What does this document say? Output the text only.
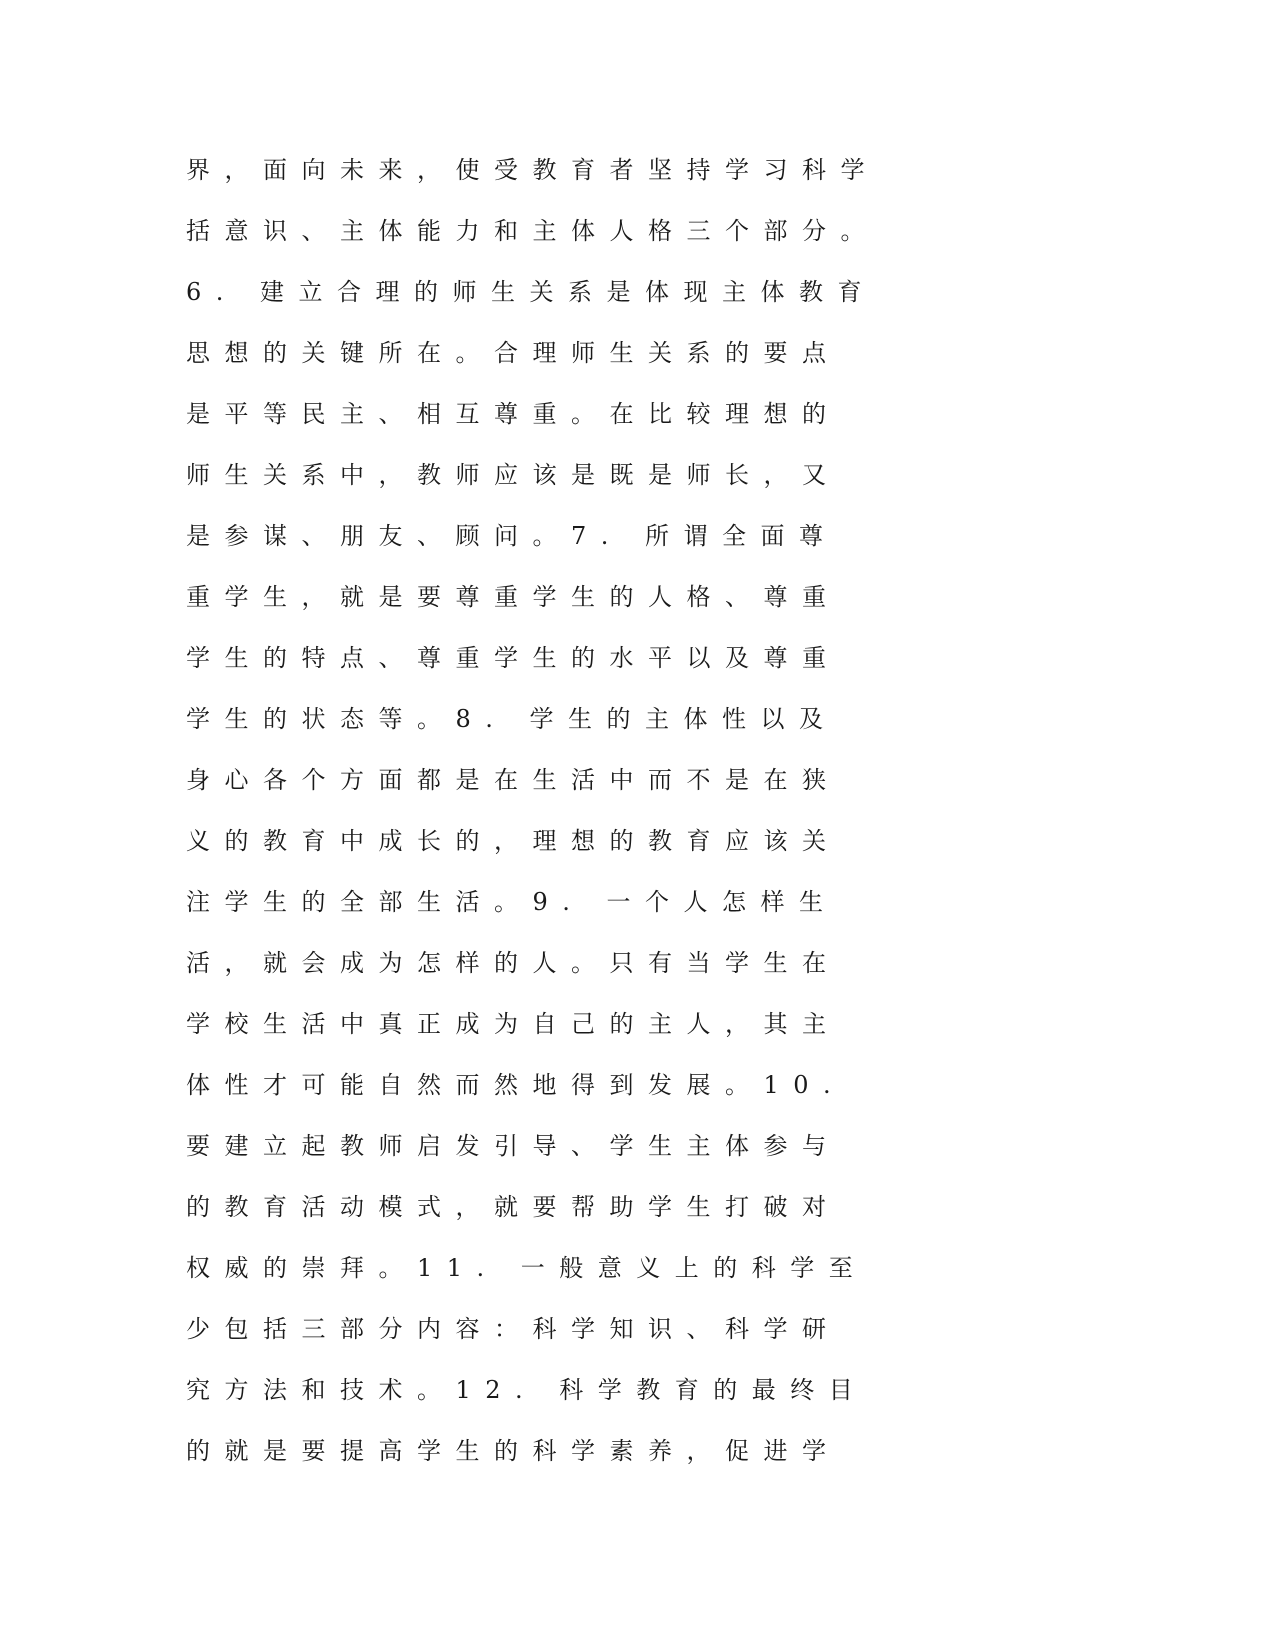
界，面向未来，使受教育者坚持学习科学
括意识、主体能力和主体人格三个部分。
6. 建立合理的师生关系是体现主体教育
思想的关键所在。合理师生关系的要点
是平等民主、相互尊重。在比较理想的
师生关系中，教师应该是既是师长，又
是参谋、朋友、顾问。7. 所谓全面尊
重学生，就是要尊重学生的人格、尊重
学生的特点、尊重学生的水平以及尊重
学生的状态等。8. 学生的主体性以及
身心各个方面都是在生活中而不是在狭
义的教育中成长的，理想的教育应该关
注学生的全部生活。9. 一个人怎样生
活，就会成为怎样的人。只有当学生在
学校生活中真正成为自己的主人，其主
体性才可能自然而然地得到发展。10.
要建立起教师启发引导、学生主体参与
的教育活动模式，就要帮助学生打破对
权威的崇拜。11. 一般意义上的科学至
少包括三部分内容：科学知识、科学研
究方法和技术。12. 科学教育的最终目
的就是要提高学生的科学素养，促进学
